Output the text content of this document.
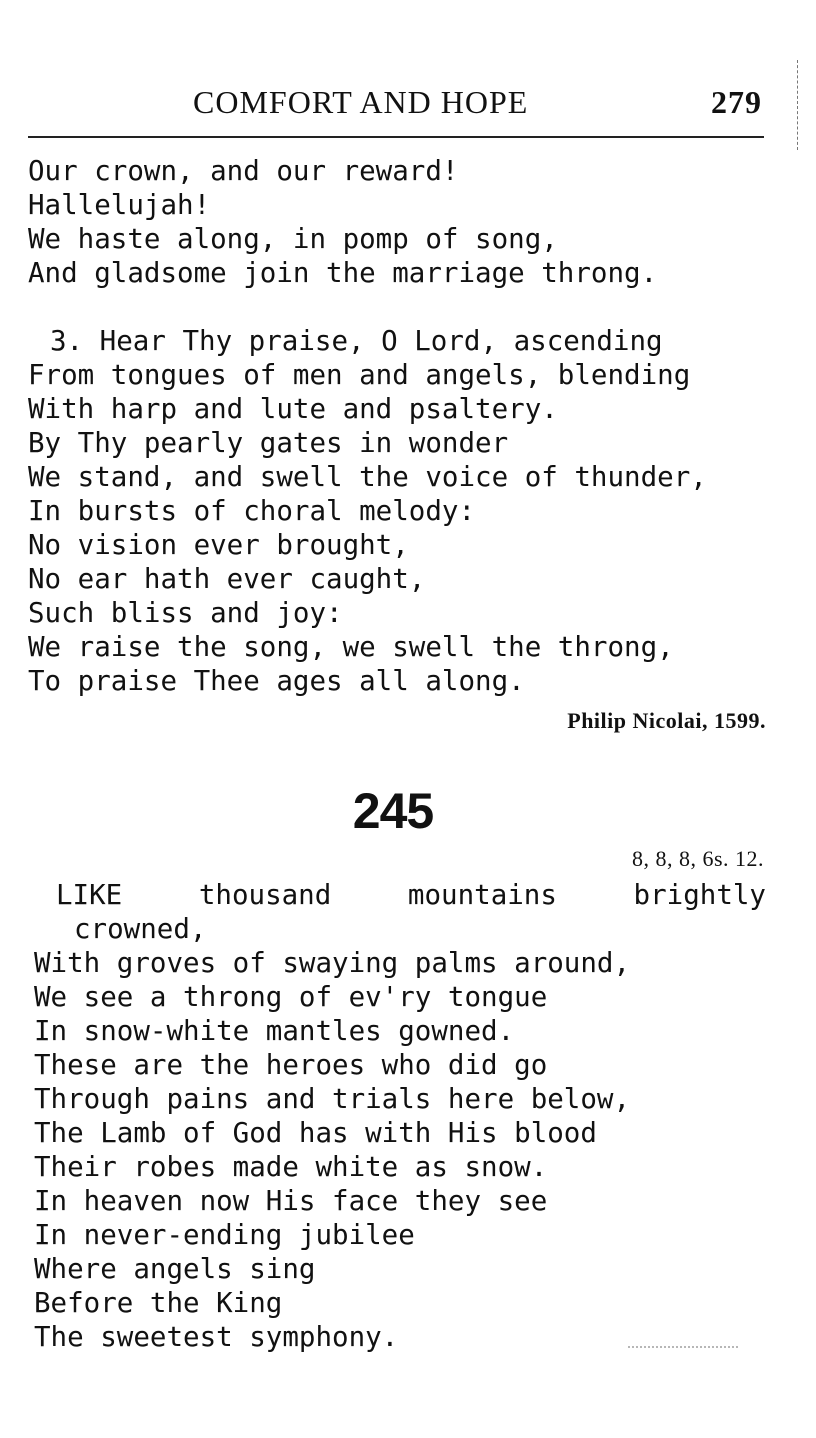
COMFORT AND HOPE	279
Our crown, and our reward!
Hallelujah!
We haste along, in pomp of song,
And gladsome join the marriage throng.
3. Hear Thy praise, O Lord, ascending
From tongues of men and angels, blending
With harp and lute and psaltery.
By Thy pearly gates in wonder
We stand, and swell the voice of thunder,
In bursts of choral melody:
No vision ever brought,
No ear hath ever caught,
Such bliss and joy:
We raise the song, we swell the throng,
To praise Thee ages all along.
Philip Nicolai, 1599.
245
8, 8, 8, 6s. 12.
LIKE	thousand	mountains	brightly
crowned,
With groves of swaying palms around,
We see a throng of ev'ry tongue
In snow-white mantles gowned.
These are the heroes who did go
Through pains and trials here below,
The Lamb of God has with His blood
Their robes made white as snow.
In heaven now His face they see
In never-ending jubilee
Where angels sing
Before the King
The sweetest symphony.
